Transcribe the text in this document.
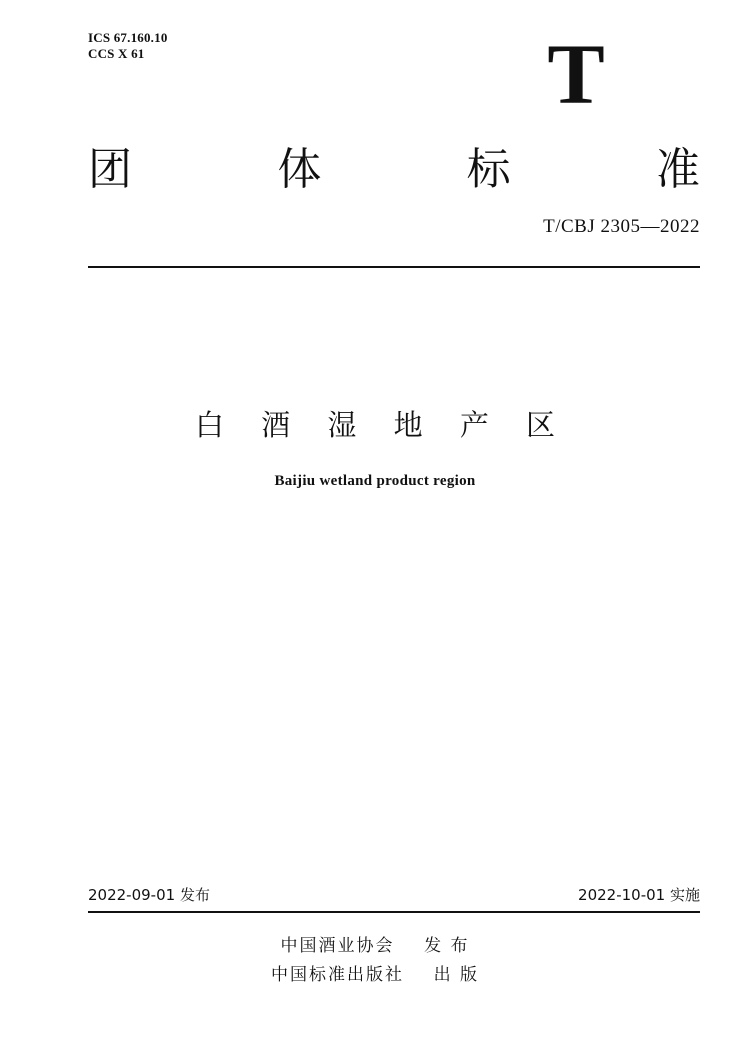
ICS 67.160.10
CCS X 61	T
团	体	标	准
T/CBJ 2305—2022
白 酒 湿 地 产 区
Baijiu wetland product region
2022-09-01 发布	2022-10-01 实施
中国酒业协会    发 布
中国标准出版社    出 版
